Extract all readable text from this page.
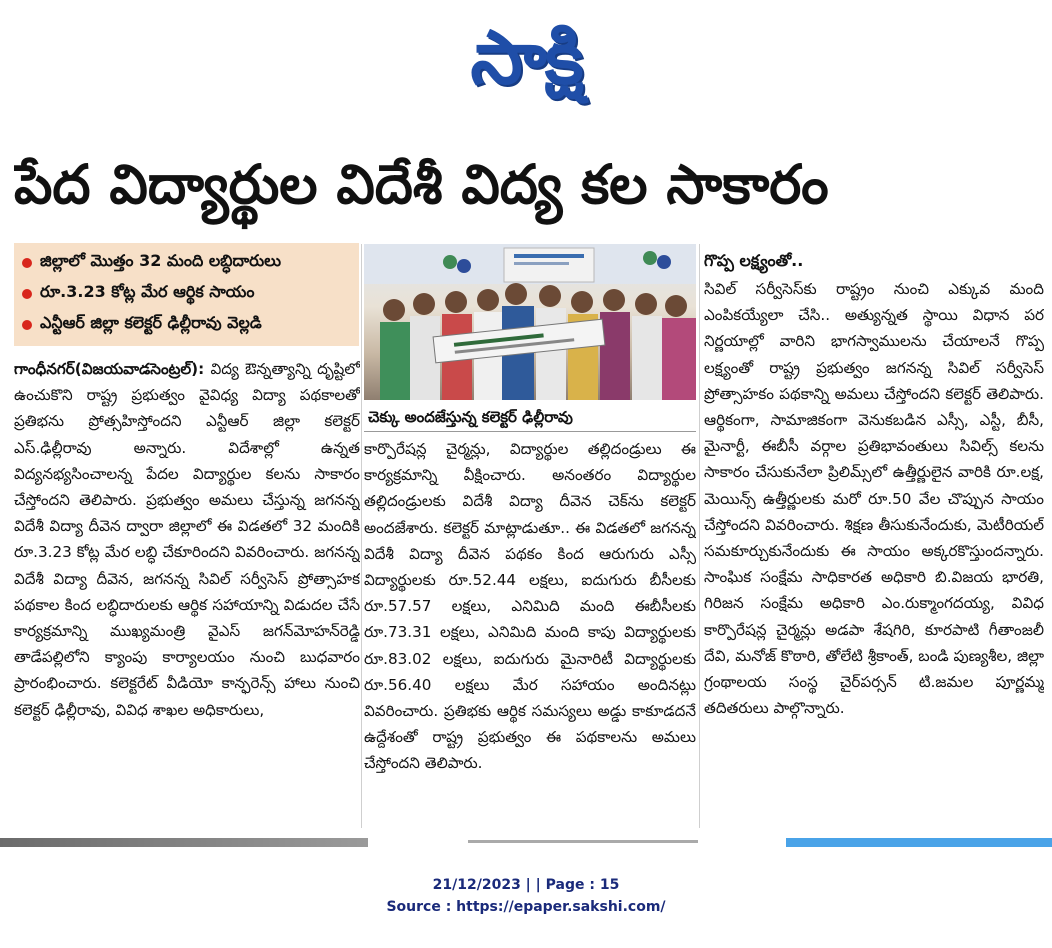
సాక్షి
పేద విద్యార్థుల విదేశీ విద్య కల సాకారం
జిల్లాలో మొత్తం 32 మంది లబ్ధిదారులు
రూ.3.23 కోట్ల మేర ఆర్థిక సాయం
ఎన్టీఆర్ జిల్లా కలెక్టర్ ఢిల్లీరావు వెల్లడి

గాంధీనగర్(విజయవాడసెంట్రల్): విద్య ఔన్నత్యాన్ని దృష్టిలో ఉంచుకొని రాష్ట్ర ప్రభుత్వం వైవిధ్య విద్యా పథకాలతో ప్రతిభను ప్రోత్సహిస్తోందని ఎన్టీఆర్ జిల్లా కలెక్టర్ ఎస్.ఢిల్లీరావు అన్నారు. విదేశాల్లో ఉన్నత విద్యనభ్యసించాలన్న పేదల విద్యార్థుల కలను సాకారం చేస్తోందని తెలిపారు. ప్రభుత్వం అమలు చేస్తున్న జగనన్న విదేశీ విద్యా దీవెన ద్వారా జిల్లాలో ఈ విడతలో 32 మందికి రూ.3.23 కోట్ల మేర లబ్ధి చేకూరిందని వివరించారు. జగనన్న విదేశీ విద్యా దీవెన, జగనన్న సివిల్ సర్వీసెస్ ప్రోత్సాహక పథకాల కింద లబ్ధిదారులకు ఆర్థిక సహాయాన్ని విడుదల చేసే కార్యక్రమాన్ని ముఖ్యమంత్రి వైఎస్ జగన్‌మోహన్‌రెడ్డి తాడేపల్లిలోని క్యాంపు కార్యాలయం నుంచి బుధవారం ప్రారంభించారు. కలెక్టరేట్ వీడియో కాన్ఫరెన్స్ హాలు నుంచి కలెక్టర్ ఢిల్లీరావు, వివిధ శాఖల అధికారులు,

చెక్కు అందజేస్తున్న కలెక్టర్ ఢిల్లీరావు

కార్పొరేషన్ల చైర్మన్లు, విద్యార్థుల తల్లిదండ్రులు ఈ కార్యక్రమాన్ని వీక్షించారు. అనంతరం విద్యార్థుల తల్లిదండ్రులకు విదేశీ విద్యా దీవెన చెక్‌ను కలెక్టర్ అందజేశారు. కలెక్టర్ మాట్లాడుతూ.. ఈ విడతలో జగనన్న విదేశీ విద్యా దీవెన పథకం కింద ఆరుగురు ఎస్సీ విద్యార్థులకు రూ.52.44 లక్షలు, ఐదుగురు బీసీలకు రూ.57.57 లక్షలు, ఎనిమిది మంది ఈబీసీలకు రూ.73.31 లక్షలు, ఎనిమిది మంది కాపు విద్యార్థులకు రూ.83.02 లక్షలు, ఐదుగురు మైనారిటీ విద్యార్థులకు రూ.56.40 లక్షలు మేర సహాయం అందినట్లు వివరించారు. ప్రతిభకు ఆర్థిక సమస్యలు అడ్డు కాకూడదనే ఉద్దేశంతో రాష్ట్ర ప్రభుత్వం ఈ పథకాలను అమలు చేస్తోందని తెలిపారు.

గొప్ప లక్ష్యంతో..

సివిల్ సర్వీసెస్‌కు రాష్ట్రం నుంచి ఎక్కువ మంది ఎంపికయ్యేలా చేసి.. అత్యున్నత స్థాయి విధాన పర నిర్ణయాల్లో వారిని భాగస్వాములను చేయాలనే గొప్ప లక్ష్యంతో రాష్ట్ర ప్రభుత్వం జగనన్న సివిల్ సర్వీసెస్ ప్రోత్సాహకం పథకాన్ని అమలు చేస్తోందని కలెక్టర్ తెలిపారు. ఆర్థికంగా, సామాజికంగా వెనుకబడిన ఎస్సీ, ఎస్టీ, బీసీ, మైనార్టీ, ఈబీసీ వర్గాల ప్రతిభావంతులు సివిల్స్ కలను సాకారం చేసుకునేలా ప్రిలిమ్స్‌లో ఉత్తీర్ణులైన వారికి రూ.లక్ష, మెయిన్స్ ఉత్తీర్ణులకు మరో రూ.50 వేల చొప్పున సాయం చేస్తోందని వివరించారు. శిక్షణ తీసుకునేందుకు, మెటీరియల్ సమకూర్చుకునేందుకు ఈ సాయం అక్కరకొస్తుందన్నారు. సాంఘిక సంక్షేమ సాధికారత అధికారి బి.విజయ భారతి, గిరిజన సంక్షేమ అధికారి ఎం.రుక్మాంగదయ్య, వివిధ కార్పొరేషన్ల చైర్మన్లు అడపా శేషగిరి, కూరపాటి గీతాంజలీ దేవి, మనోజ్ కొఠారి, తోలేటి శ్రీకాంత్, బండి పుణ్యశీల, జిల్లా గ్రంథాలయ సంస్థ చైర్‌పర్సన్ టి.జమల పూర్ణమ్మ తదితరులు పాల్గొన్నారు.

21/12/2023 | | Page : 15
Source : https://epaper.sakshi.com/
